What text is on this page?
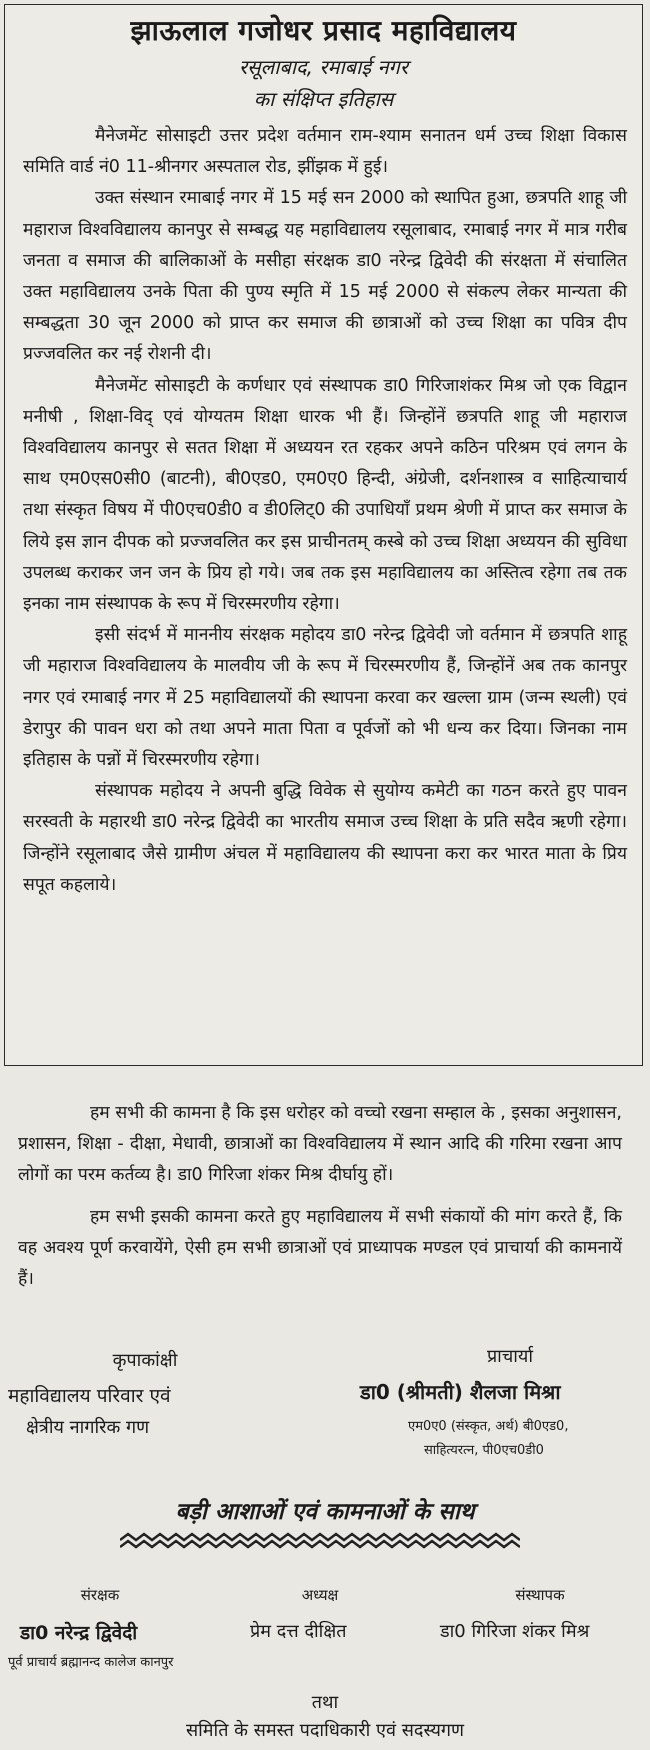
झाऊलाल गजोधर प्रसाद महाविद्यालय
रसूलाबाद, रमाबाई नगर
का संक्षिप्त इतिहास

मैनेजमेंट सोसाइटी उत्तर प्रदेश वर्तमान राम-श्याम सनातन धर्म उच्च शिक्षा विकास समिति वार्ड नं0 11-श्रीनगर अस्पताल रोड, झींझक में हुई।

उक्त संस्थान रमाबाई नगर में 15 मई सन 2000 को स्थापित हुआ, छत्रपति शाहू जी महाराज विश्वविद्यालय कानपुर से सम्बद्ध यह महाविद्यालय रसूलाबाद, रमाबाई नगर में मात्र गरीब जनता व समाज की बालिकाओं के मसीहा संरक्षक डा0 नरेन्द्र द्विवेदी की संरक्षता में संचालित उक्त महाविद्यालय उनके पिता की पुण्य स्मृति में 15 मई 2000 से संकल्प लेकर मान्यता की सम्बद्धता 30 जून 2000 को प्राप्त कर समाज की छात्राओं को उच्च शिक्षा का पवित्र दीप प्रज्जवलित कर नई रोशनी दी।

मैनेजमेंट सोसाइटी के कर्णधार एवं संस्थापक डा0 गिरिजाशंकर मिश्र जो एक विद्वान मनीषी , शिक्षा-विद् एवं योग्यतम शिक्षा धारक भी हैं। जिन्होंनें छत्रपति शाहू जी महाराज विश्वविद्यालय कानपुर से सतत शिक्षा में अध्ययन रत रहकर अपने कठिन परिश्रम एवं लगन के साथ एम0एस0सी0 (बाटनी), बी0एड0, एम0ए0 हिन्दी, अंग्रेजी, दर्शनशास्त्र व साहित्याचार्य तथा संस्कृत विषय में पी0एच0डी0 व डी0लिट्0 की उपाधियाँ प्रथम श्रेणी में प्राप्त कर समाज के लिये इस ज्ञान दीपक को प्रज्जवलित कर इस प्राचीनतम् कस्बे को उच्च शिक्षा अध्ययन की सुविधा उपलब्ध कराकर जन जन के प्रिय हो गये। जब तक इस महाविद्यालय का अस्तित्व रहेगा तब तक इनका नाम संस्थापक के रूप में चिरस्मरणीय रहेगा।

इसी संदर्भ में माननीय संरक्षक महोदय डा0 नरेन्द्र द्विवेदी जो वर्तमान में छत्रपति शाहू जी महाराज विश्वविद्यालय के मालवीय जी के रूप में चिरस्मरणीय हैं, जिन्होंनें अब तक कानपुर नगर एवं रमाबाई नगर में 25 महाविद्यालयों की स्थापना करवा कर खल्ला ग्राम (जन्म स्थली) एवं डेरापुर की पावन धरा को तथा अपने माता पिता व पूर्वजों को भी धन्य कर दिया। जिनका नाम इतिहास के पन्नों में चिरस्मरणीय रहेगा।

संस्थापक महोदय ने अपनी बुद्धि विवेक से सुयोग्य कमेटी का गठन करते हुए पावन सरस्वती के महारथी डा0 नरेन्द्र द्विवेदी का भारतीय समाज उच्च शिक्षा के प्रति सदैव ऋणी रहेगा। जिन्होंने रसूलाबाद जैसे ग्रामीण अंचल में महाविद्यालय की स्थापना करा कर भारत माता के प्रिय सपूत कहलाये।

हम सभी की कामना है कि इस धरोहर को वच्चो रखना सम्हाल के , इसका अनुशासन, प्रशासन, शिक्षा - दीक्षा, मेधावी, छात्राओं का विश्वविद्यालय में स्थान आदि की गरिमा रखना आप लोगों का परम कर्तव्य है। डा0 गिरिजा शंकर मिश्र दीर्घायु हों।

हम सभी इसकी कामना करते हुए महाविद्यालय में सभी संकायों की मांग करते हैं, कि वह अवश्य पूर्ण करवायेंगे, ऐसी हम सभी छात्राओं एवं प्राध्यापक मण्डल एवं प्राचार्या की कामनायें हैं।

कृपाकांक्षी
महाविद्यालय परिवार एवं
क्षेत्रीय नागरिक गण
प्राचार्या
डा0 (श्रीमती) शैलजा मिश्रा
एम0ए0 (संस्कृत, अर्थ) बी0एड0,
साहित्यरत्न, पी0एच0डी0
बड़ी आशाओं एवं कामनाओं के साथ
संरक्षक
डा0 नरेन्द्र द्विवेदी
पूर्व प्राचार्य ब्रह्मानन्द कालेज कानपुर
अध्यक्ष
प्रेम दत्त दीक्षित
संस्थापक
डा0 गिरिजा शंकर मिश्र
तथा
समिति के समस्त पदाधिकारी एवं सदस्यगण
